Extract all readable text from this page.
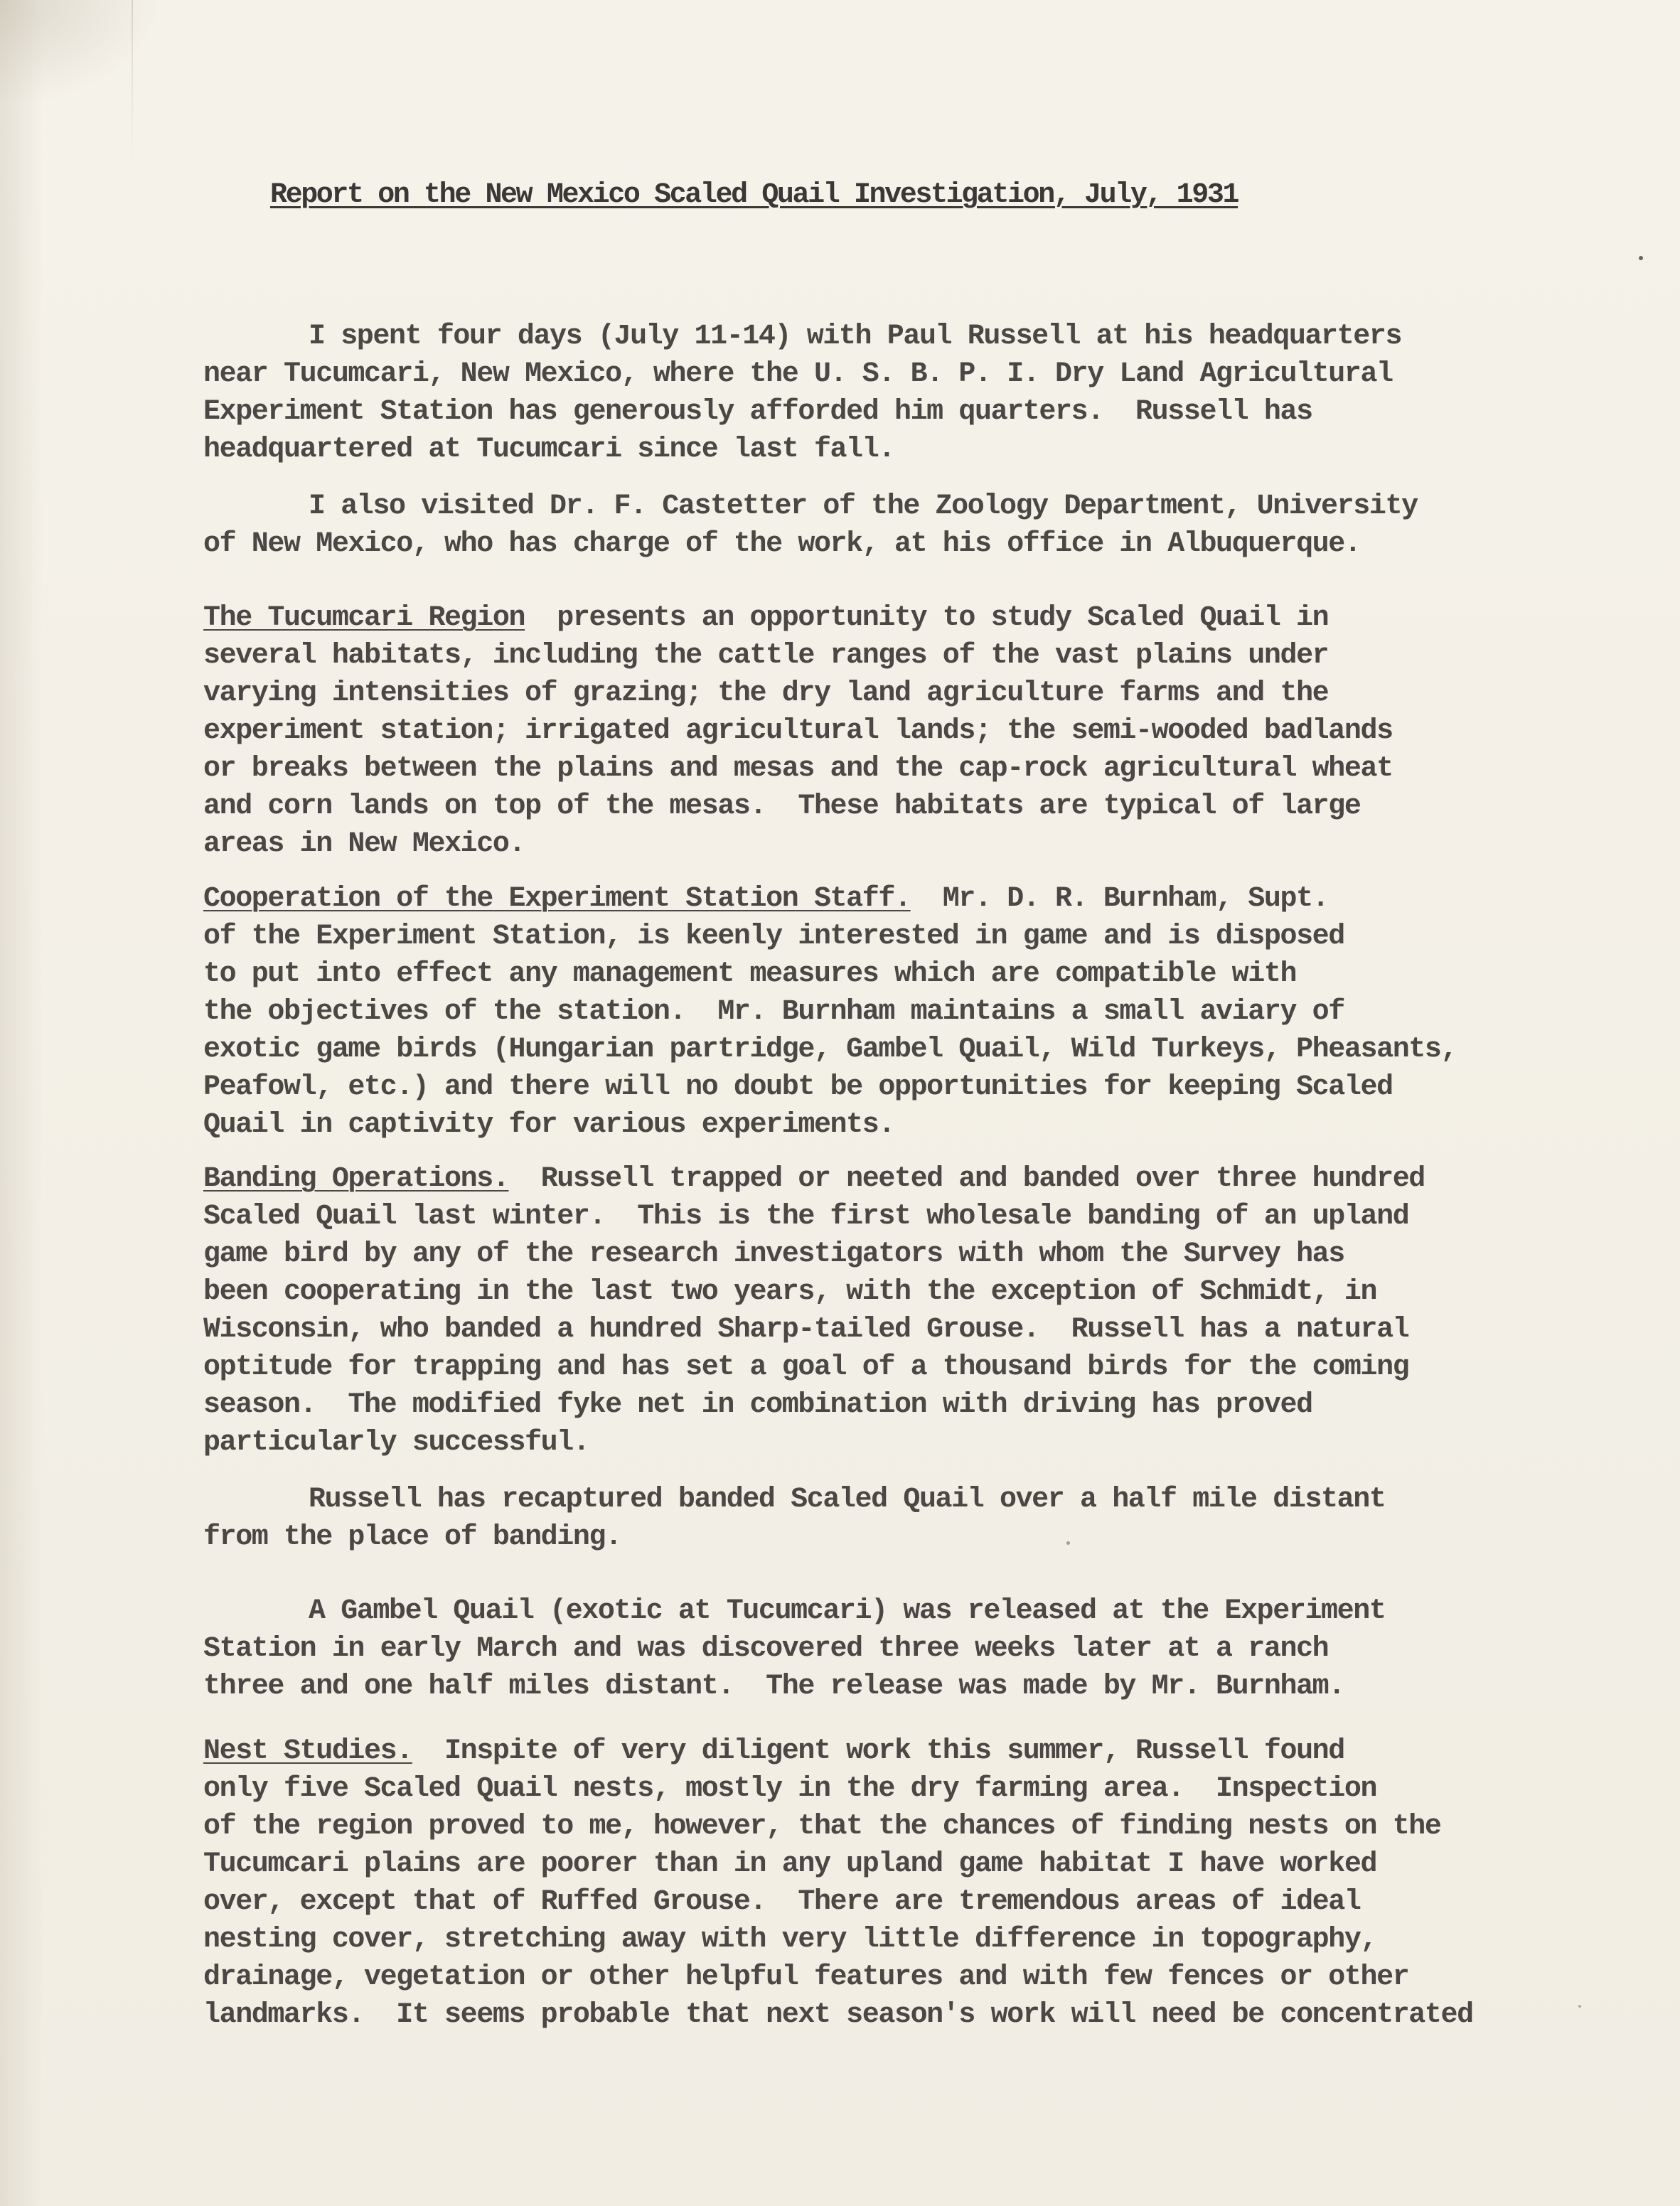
Report on the New Mexico Scaled Quail Investigation, July, 1931
I spent four days (July 11-14) with Paul Russell at his headquarters
near Tucumcari, New Mexico, where the U. S. B. P. I. Dry Land Agricultural
Experiment Station has generously afforded him quarters.  Russell has
headquartered at Tucumcari since last fall.
I also visited Dr. F. Castetter of the Zoology Department, University
of New Mexico, who has charge of the work, at his office in Albuquerque.
The Tucumcari Region  presents an opportunity to study Scaled Quail in
several habitats, including the cattle ranges of the vast plains under
varying intensities of grazing; the dry land agriculture farms and the
experiment station; irrigated agricultural lands; the semi-wooded badlands
or breaks between the plains and mesas and the cap-rock agricultural wheat
and corn lands on top of the mesas.  These habitats are typical of large
areas in New Mexico.
Cooperation of the Experiment Station Staff.  Mr. D. R. Burnham, Supt.
of the Experiment Station, is keenly interested in game and is disposed
to put into effect any management measures which are compatible with
the objectives of the station.  Mr. Burnham maintains a small aviary of
exotic game birds (Hungarian partridge, Gambel Quail, Wild Turkeys, Pheasants,
Peafowl, etc.) and there will no doubt be opportunities for keeping Scaled
Quail in captivity for various experiments.
Banding Operations.  Russell trapped or neeted and banded over three hundred
Scaled Quail last winter.  This is the first wholesale banding of an upland
game bird by any of the research investigators with whom the Survey has
been cooperating in the last two years, with the exception of Schmidt, in
Wisconsin, who banded a hundred Sharp-tailed Grouse.  Russell has a natural
optitude for trapping and has set a goal of a thousand birds for the coming
season.  The modified fyke net in combination with driving has proved
particularly successful.
Russell has recaptured banded Scaled Quail over a half mile distant
from the place of banding.
A Gambel Quail (exotic at Tucumcari) was released at the Experiment
Station in early March and was discovered three weeks later at a ranch
three and one half miles distant.  The release was made by Mr. Burnham.
Nest Studies.  Inspite of very diligent work this summer, Russell found
only five Scaled Quail nests, mostly in the dry farming area.  Inspection
of the region proved to me, however, that the chances of finding nests on the
Tucumcari plains are poorer than in any upland game habitat I have worked
over, except that of Ruffed Grouse.  There are tremendous areas of ideal
nesting cover, stretching away with very little difference in topography,
drainage, vegetation or other helpful features and with few fences or other
landmarks.  It seems probable that next season's work will need be concentrated
